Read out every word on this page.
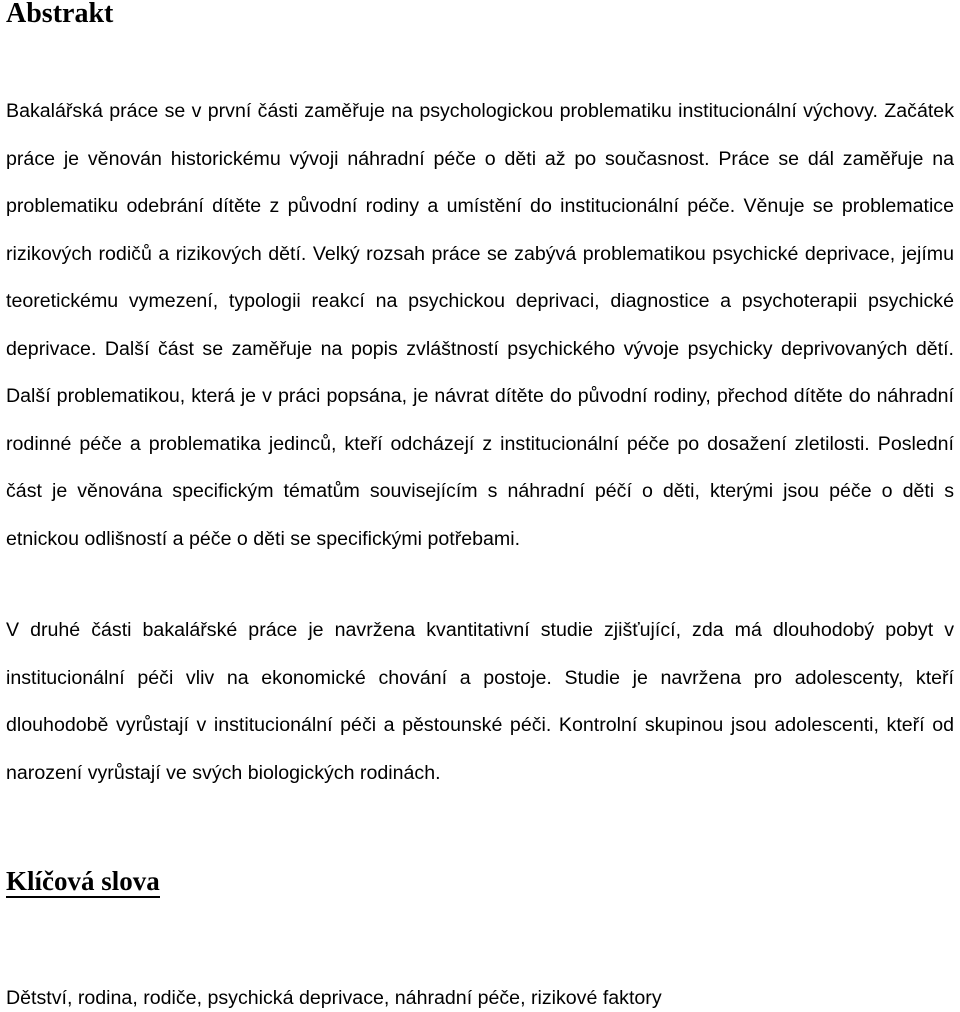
Abstrakt

Bakalářská práce se v první části zaměřuje na psychologickou problematiku institucionální výchovy. Začátek práce je věnován historickému vývoji náhradní péče o děti až po současnost. Práce se dál zaměřuje na problematiku odebrání dítěte z původní rodiny a umístění do institucionální péče. Věnuje se problematice rizikových rodičů a rizikových dětí. Velký rozsah práce se zabývá problematikou psychické deprivace, jejímu teoretickému vymezení, typologii reakcí na psychickou deprivaci, diagnostice a psychoterapii psychické deprivace. Další část se zaměřuje na popis zvláštností psychického vývoje psychicky deprivovaných dětí. Další problematikou, která je v práci popsána, je návrat dítěte do původní rodiny, přechod dítěte do náhradní rodinné péče a problematika jedinců, kteří odcházejí z institucionální péče po dosažení zletilosti. Poslední část je věnována specifickým tématům souvisejícím s náhradní péčí o děti, kterými jsou péče o děti s etnickou odlišností a péče o děti se specifickými potřebami.

V druhé části bakalářské práce je navržena kvantitativní studie zjišťující, zda má dlouhodobý pobyt v institucionální péči vliv na ekonomické chování a postoje. Studie je navržena pro adolescenty, kteří dlouhodobě vyrůstají v institucionální péči a pěstounské péči. Kontrolní skupinou jsou adolescenti, kteří od narození vyrůstají ve svých biologických rodinách.

Klíčová slova

Dětství, rodina, rodiče, psychická deprivace, náhradní péče, rizikové faktory
